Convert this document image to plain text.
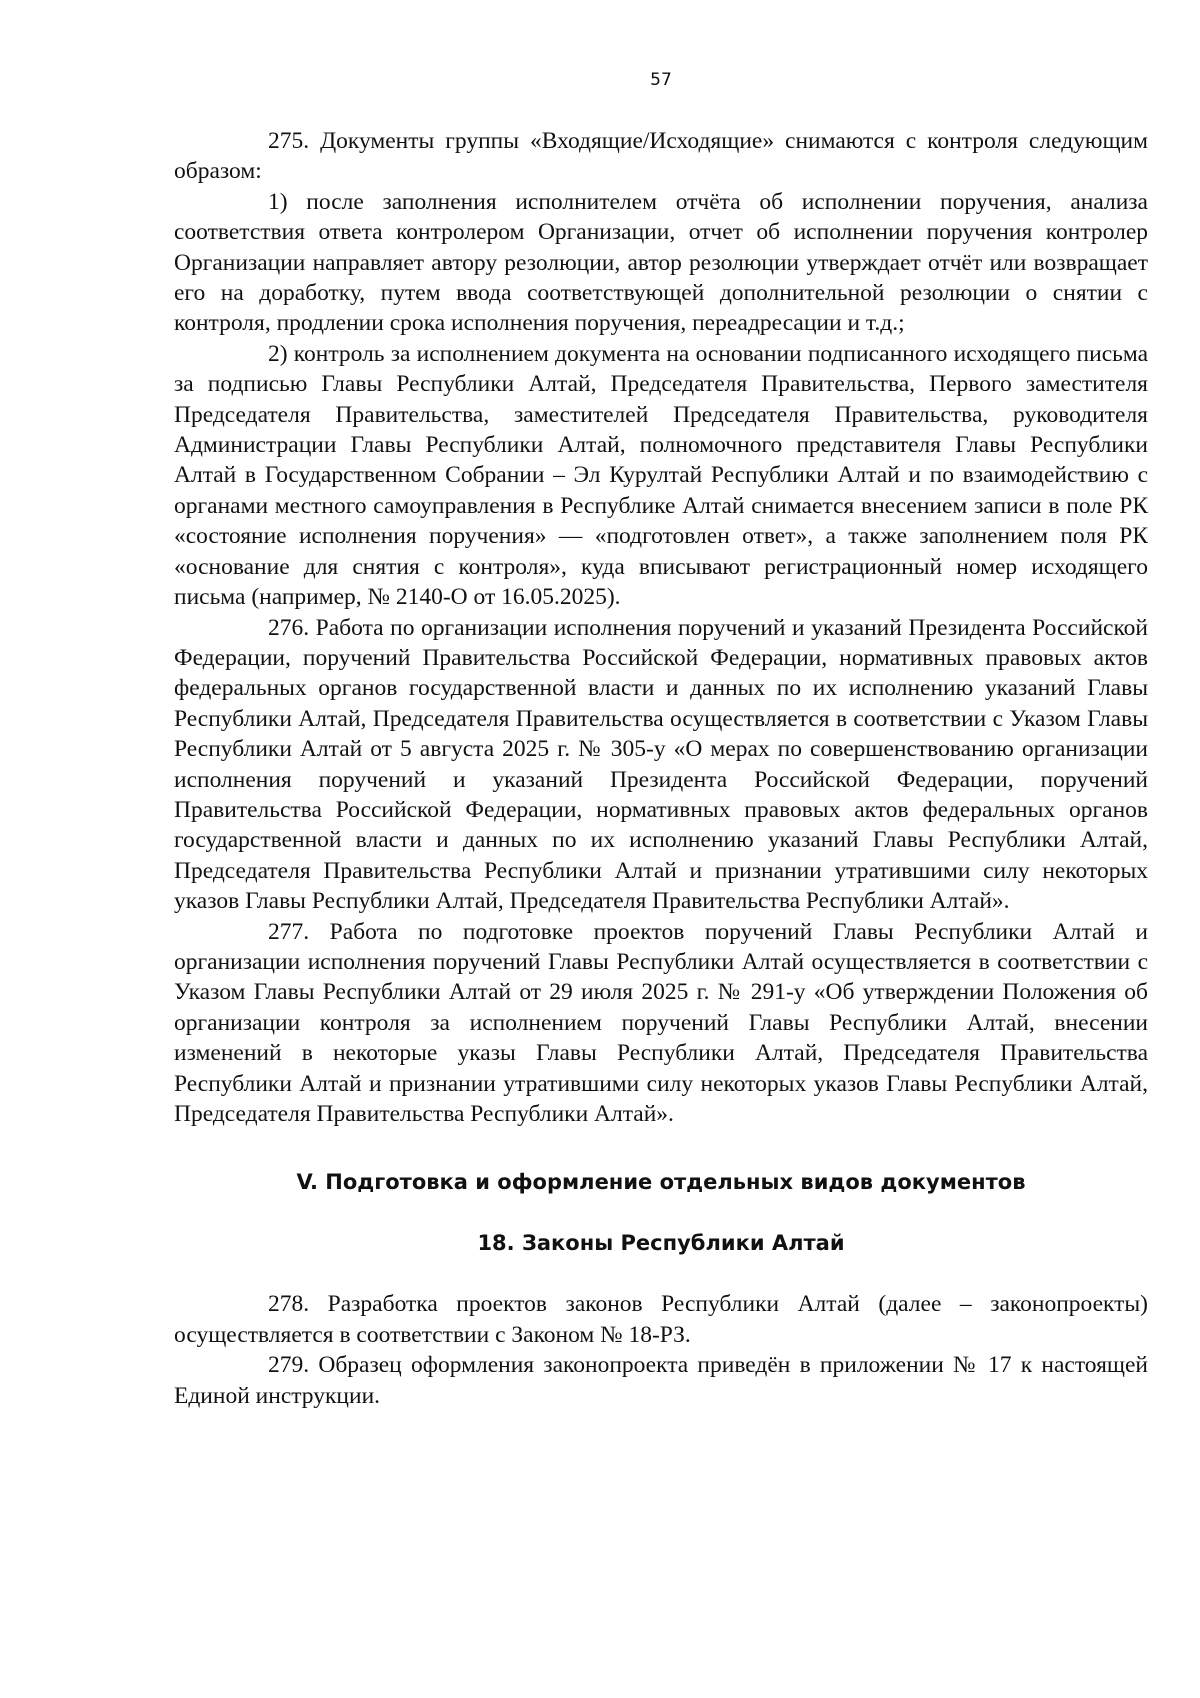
57

275. Документы группы «Входящие/Исходящие» снимаются с контроля следующим образом:

1) после заполнения исполнителем отчёта об исполнении поручения, анализа соответствия ответа контролером Организации, отчет об исполнении поручения контролер Организации направляет автору резолюции, автор резолюции утверждает отчёт или возвращает его на доработку, путем ввода соответствующей дополнительной резолюции о снятии с контроля, продлении срока исполнения поручения, переадресации и т.д.;

2) контроль за исполнением документа на основании подписанного исходящего письма за подписью Главы Республики Алтай, Председателя Правительства, Первого заместителя Председателя Правительства, заместителей Председателя Правительства, руководителя Администрации Главы Республики Алтай, полномочного представителя Главы Республики Алтай в Государственном Собрании – Эл Курултай Республики Алтай и по взаимодействию с органами местного самоуправления в Республике Алтай снимается внесением записи в поле РК «состояние исполнения поручения» — «подготовлен ответ», а также заполнением поля РК «основание для снятия с контроля», куда вписывают регистрационный номер исходящего письма (например, № 2140-О от 16.05.2025).

276. Работа по организации исполнения поручений и указаний Президента Российской Федерации, поручений Правительства Российской Федерации, нормативных правовых актов федеральных органов государственной власти и данных по их исполнению указаний Главы Республики Алтай, Председателя Правительства осуществляется в соответствии с Указом Главы Республики Алтай от 5 августа 2025 г. № 305-у «О мерах по совершенствованию организации исполнения поручений и указаний Президента Российской Федерации, поручений Правительства Российской Федерации, нормативных правовых актов федеральных органов государственной власти и данных по их исполнению указаний Главы Республики Алтай, Председателя Правительства Республики Алтай и признании утратившими силу некоторых указов Главы Республики Алтай, Председателя Правительства Республики Алтай».

277. Работа по подготовке проектов поручений Главы Республики Алтай и организации исполнения поручений Главы Республики Алтай осуществляется в соответствии с Указом Главы Республики Алтай от 29 июля 2025 г. № 291-у «Об утверждении Положения об организации контроля за исполнением поручений Главы Республики Алтай, внесении изменений в некоторые указы Главы Республики Алтай, Председателя Правительства Республики Алтай и признании утратившими силу некоторых указов Главы Республики Алтай, Председателя Правительства Республики Алтай».

V. Подготовка и оформление отдельных видов документов
18. Законы Республики Алтай

278. Разработка проектов законов Республики Алтай (далее – законопроекты) осуществляется в соответствии с Законом № 18-РЗ.

279. Образец оформления законопроекта приведён в приложении № 17 к настоящей Единой инструкции.
